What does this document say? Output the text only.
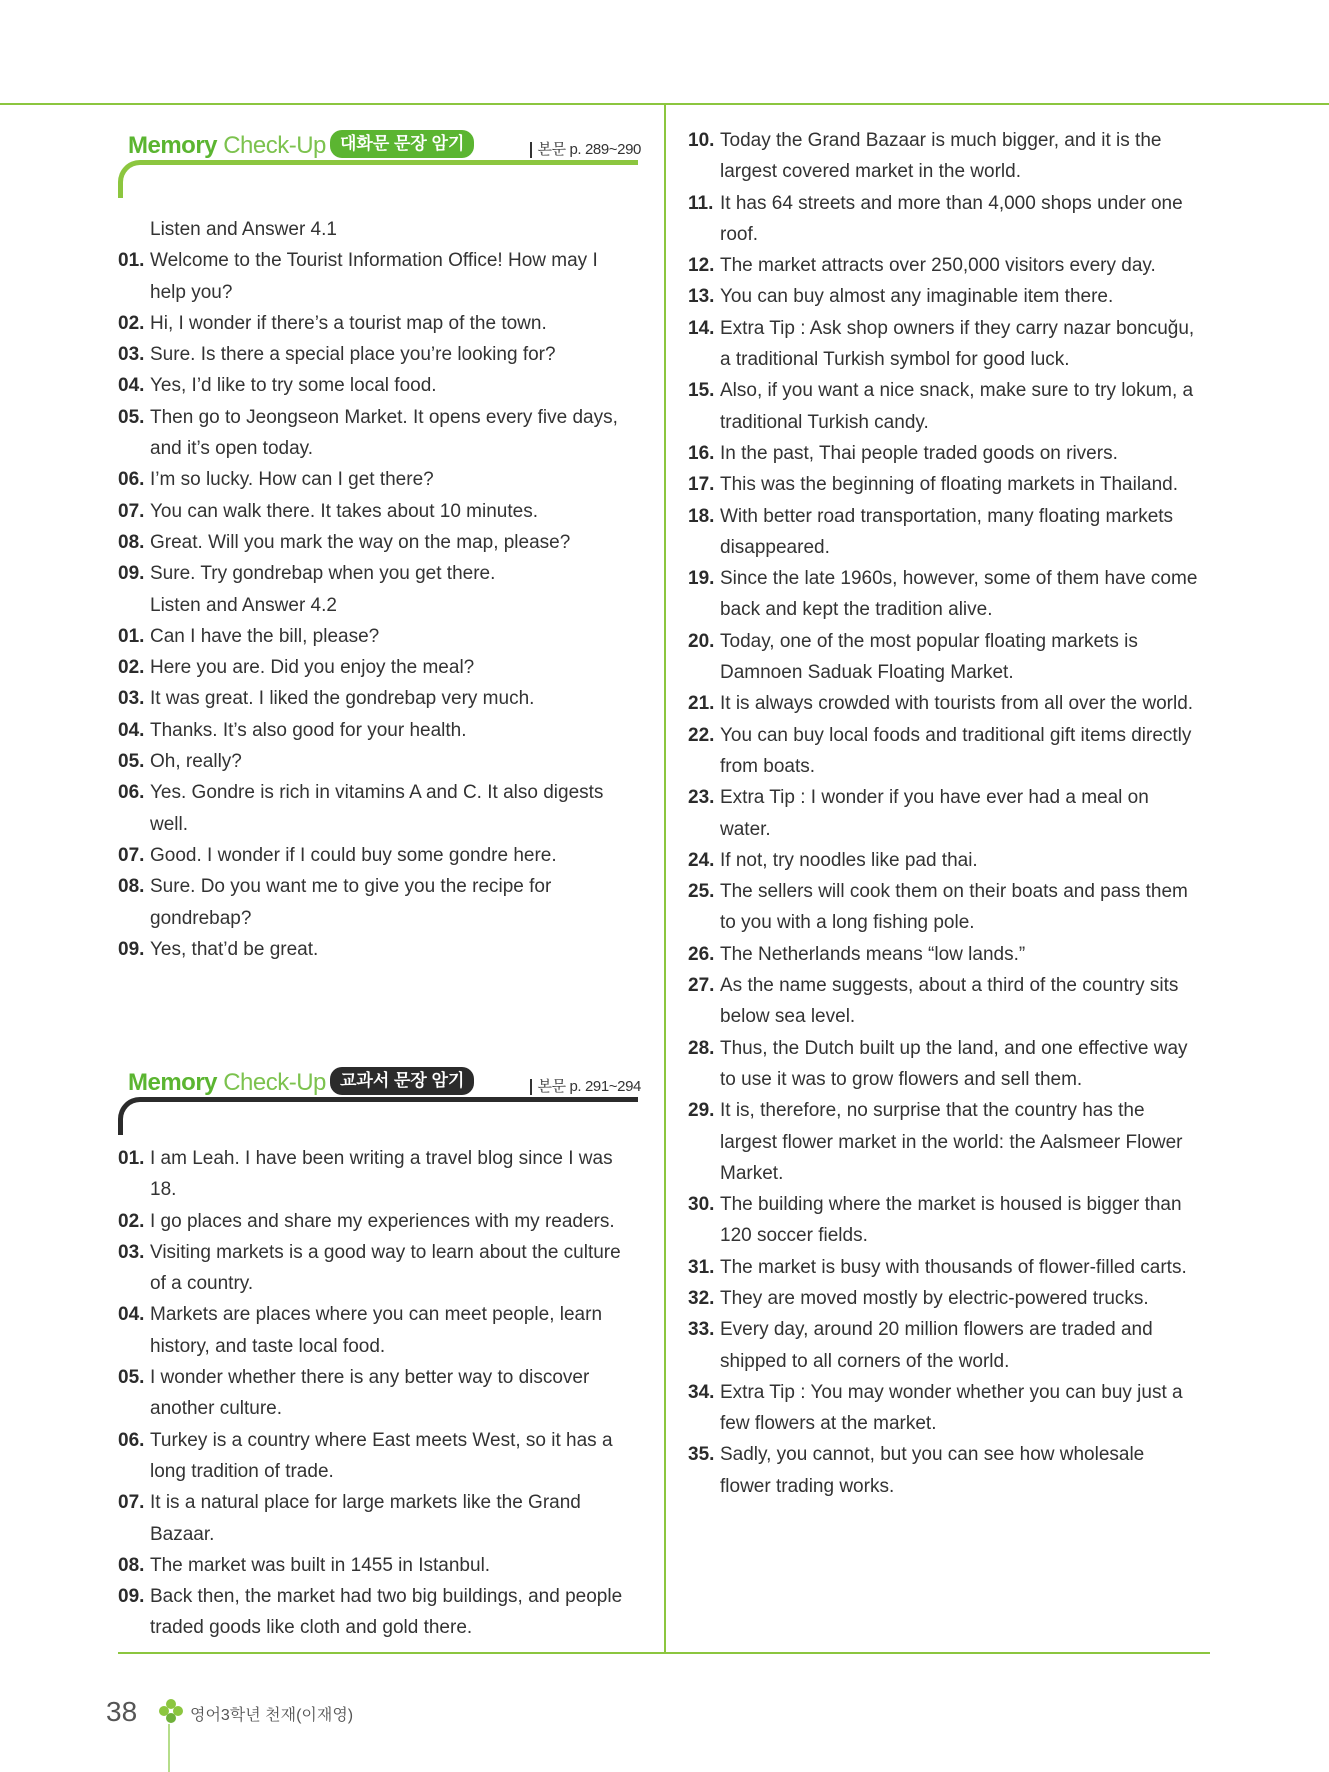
Memory Check-Up 대화문 문장 암기	본문 p. 289~290
Listen and Answer 4.1
01. Welcome to the Tourist Information Office! How may I
help you?
02. Hi, I wonder if there’s a tourist map of the town.
03. Sure. Is there a special place you’re looking for?
04. Yes, I’d like to try some local food.
05. Then go to Jeongseon Market. It opens every five days,
and it’s open today.
06. I’m so lucky. How can I get there?
07. You can walk there. It takes about 10 minutes.
08. Great. Will you mark the way on the map, please?
09. Sure. Try gondrebap when you get there.
Listen and Answer 4.2
01. Can I have the bill, please?
02. Here you are. Did you enjoy the meal?
03. It was great. I liked the gondrebap very much.
04. Thanks. It’s also good for your health.
05. Oh, really?
06. Yes. Gondre is rich in vitamins A and C. It also digests
well.
07. Good. I wonder if I could buy some gondre here.
08. Sure. Do you want me to give you the recipe for
gondrebap?
09. Yes, that’d be great.
Memory Check-Up 교과서 문장 암기	본문 p. 291~294
01. I am Leah. I have been writing a travel blog since I was
18.
02. I go places and share my experiences with my readers.
03. Visiting markets is a good way to learn about the culture
of a country.
04. Markets are places where you can meet people, learn
history, and taste local food.
05. I wonder whether there is any better way to discover
another culture.
06. Turkey is a country where East meets West, so it has a
long tradition of trade.
07. It is a natural place for large markets like the Grand
Bazaar.
08. The market was built in 1455 in Istanbul.
09. Back then, the market had two big buildings, and people
traded goods like cloth and gold there.
10. Today the Grand Bazaar is much bigger, and it is the
largest covered market in the world.
11. It has 64 streets and more than 4,000 shops under one
roof.
12. The market attracts over 250,000 visitors every day.
13. You can buy almost any imaginable item there.
14. Extra Tip : Ask shop owners if they carry nazar boncuğu,
a traditional Turkish symbol for good luck.
15. Also, if you want a nice snack, make sure to try lokum, a
traditional Turkish candy.
16. In the past, Thai people traded goods on rivers.
17. This was the beginning of floating markets in Thailand.
18. With better road transportation, many floating markets
disappeared.
19. Since the late 1960s, however, some of them have come
back and kept the tradition alive.
20. Today, one of the most popular floating markets is
Damnoen Saduak Floating Market.
21. It is always crowded with tourists from all over the world.
22. You can buy local foods and traditional gift items directly
from boats.
23. Extra Tip : I wonder if you have ever had a meal on
water.
24. If not, try noodles like pad thai.
25. The sellers will cook them on their boats and pass them
to you with a long fishing pole.
26. The Netherlands means “low lands.”
27. As the name suggests, about a third of the country sits
below sea level.
28. Thus, the Dutch built up the land, and one effective way
to use it was to grow flowers and sell them.
29. It is, therefore, no surprise that the country has the
largest flower market in the world: the Aalsmeer Flower
Market.
30. The building where the market is housed is bigger than
120 soccer fields.
31. The market is busy with thousands of flower-filled carts.
32. They are moved mostly by electric-powered trucks.
33. Every day, around 20 million flowers are traded and
shipped to all corners of the world.
34. Extra Tip : You may wonder whether you can buy just a
few flowers at the market.
35. Sadly, you cannot, but you can see how wholesale
flower trading works.
38	영어3학년 천재(이재영)
